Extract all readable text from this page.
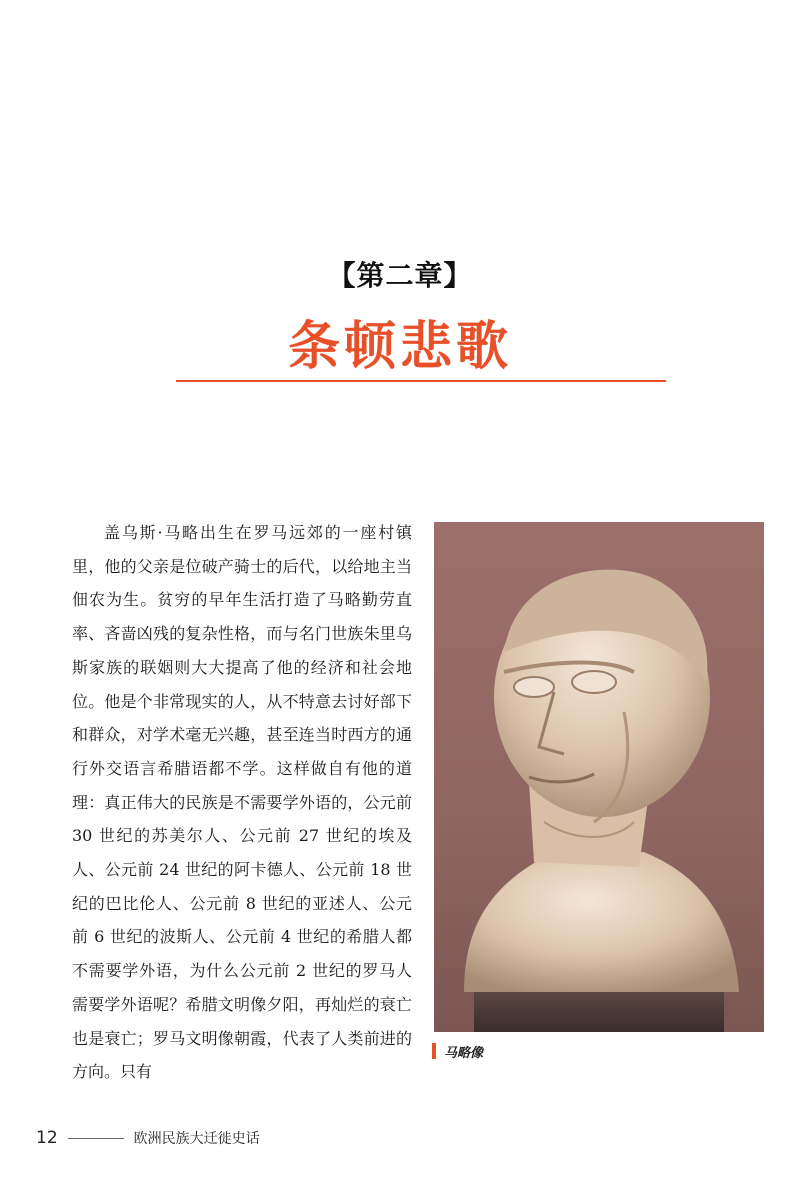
【第二章】
条顿悲歌

盖乌斯·马略出生在罗马远郊的一座村镇里，他的父亲是位破产骑士的后代，以给地主当佃农为生。贫穷的早年生活打造了马略勤劳直率、吝啬凶残的复杂性格，而与名门世族朱里乌斯家族的联姻则大大提高了他的经济和社会地位。他是个非常现实的人，从不特意去讨好部下和群众，对学术毫无兴趣，甚至连当时西方的通行外交语言希腊语都不学。这样做自有他的道理：真正伟大的民族是不需要学外语的，公元前 30 世纪的苏美尔人、公元前 27 世纪的埃及人、公元前 24 世纪的阿卡德人、公元前 18 世纪的巴比伦人、公元前 8 世纪的亚述人、公元前 6 世纪的波斯人、公元前 4 世纪的希腊人都不需要学外语，为什么公元前 2 世纪的罗马人需要学外语呢？希腊文明像夕阳，再灿烂的衰亡也是衰亡；罗马文明像朝霞，代表了人类前进的方向。只有

马略像
12	欧洲民族大迁徙史话
